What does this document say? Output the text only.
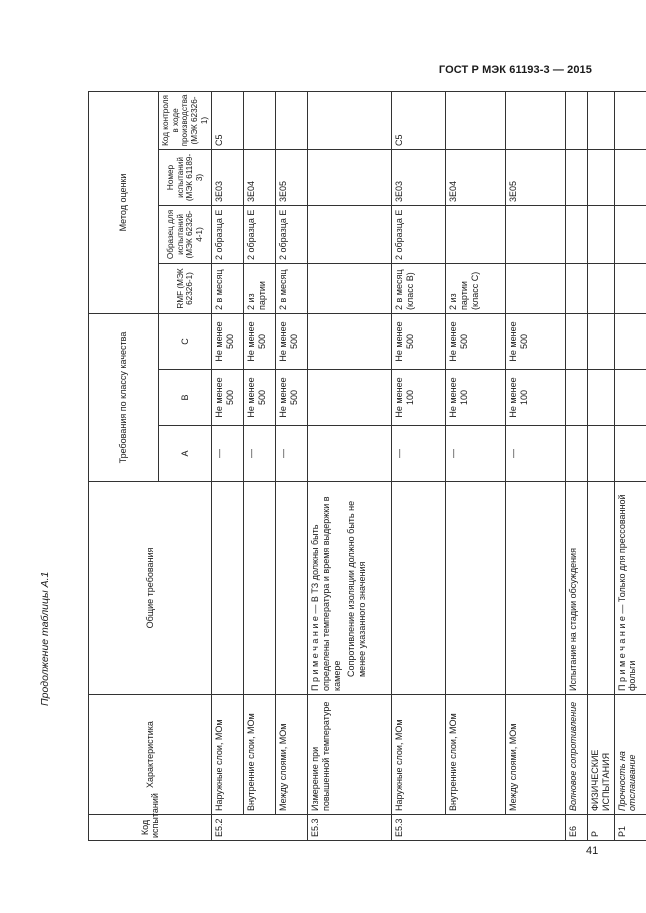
ГОСТ Р МЭК 61193-3 — 2015
Продолжение таблицы А.1
Код испытаний	Характеристика	Общие требования	Требования по классу качества			Метод оценки			
			A	B	C	RMF (МЭК 62326-1)	Образец для испытаний (МЭК 62326-4-1)	Номер испытаний (МЭК 61189-3)	Код контроля в ходе производства (МЭК 62326-1)
E5.2	Наружные слои, МОм		—	Не менее 500	Не менее 500	2 в месяц	2 образца E	3E03	C5
	Внутренние слои, МОм		—	Не менее 500	Не менее 500	2 из партии	2 образца E	3E04	
	Между слоями, МОм		—	Не менее 500	Не менее 500	2 в месяц	2 образца E	3E05	
E5.3	Измерение при повышенной температуре	П р и м е ч а н и е — В ТЗ должны быть определены температура и время выдержки в камере Сопротивление изоляции должно быть не менее указанного значения							

E5.3	Наружные слои, МОм		—	Не менее 100	Не менее 500	2 в месяц (класс B)	2 образца E	3E03	C5
	Внутренние слои, МОм		—	Не менее 100	Не менее 500	2 из партии (класс C)		3E04	
	Между слоями, МОм		—	Не менее 100	Не менее 500			3E05	
E6	Волновое сопротивление	Испытание на стадии обсуждения							
P	ФИЗИЧЕСКИЕ ИСПЫТАНИЯ								
P1	Прочность на отслаивание	П р и м е ч а н и е — Только для прессованной фольги							
41
